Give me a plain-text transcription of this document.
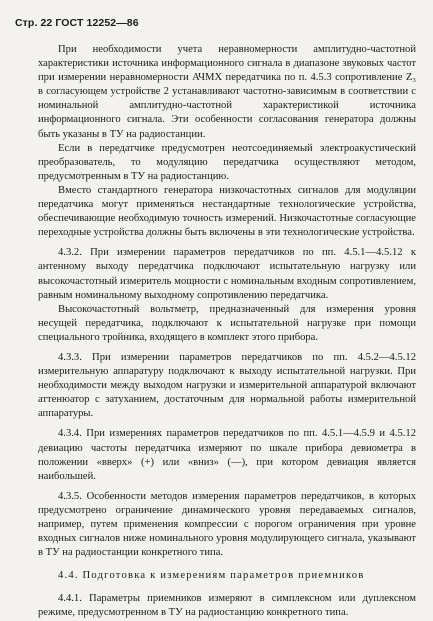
Стр. 22 ГОСТ 12252—86

При необходимости учета неравномерности амплитудно-частотной характеристики источника информационного сигнала в диапазоне звуковых частот при измерении неравномерности АЧМХ передатчика по п. 4.5.3 сопротивление Z₃ в согласующем устройстве 2 устанавливают частотно-зависимым в соответствии с номинальной амплитудно-частотной характеристикой источника информационного сигнала. Эти особенности согласования генератора должны быть указаны в ТУ на радиостанции.

Если в передатчике предусмотрен неотсоединяемый электроакустический преобразователь, то модуляцию передатчика осуществляют методом, предусмотренным в ТУ на радиостанцию.

Вместо стандартного генератора низкочастотных сигналов для модуляции передатчика могут применяться нестандартные технологические устройства, обеспечивающие необходимую точность измерений. Низкочастотные согласующие переходные устройства должны быть включены в эти технологические устройства.

4.3.2. При измерении параметров передатчиков по пп. 4.5.1—4.5.12 к антенному выходу передатчика подключают испытательную нагрузку или высокочастотный измеритель мощности с номинальным входным сопротивлением, равным номинальному выходному сопротивлению передатчика.

Высокочастотный вольтметр, предназначенный для измерения уровня несущей передатчика, подключают к испытательной нагрузке при помощи специального тройника, входящего в комплект этого прибора.

4.3.3. При измерении параметров передатчиков по пп. 4.5.2—4.5.12 измерительную аппаратуру подключают к выходу испытательной нагрузки. При необходимости между выходом нагрузки и измерительной аппаратурой включают аттенюатор с затуханием, достаточным для нормальной работы измерительной аппаратуры.

4.3.4. При измерениях параметров передатчиков по пп. 4.5.1—4.5.9 и 4.5.12 девиацию частоты передатчика измеряют по шкале прибора девиометра в положении «вверх» (+) или «вниз» (—), при котором девиация является наибольшей.

4.3.5. Особенности методов измерения параметров передатчиков, в которых предусмотрено ограничение динамического уровня передаваемых сигналов, например, путем применения компрессии с порогом ограничения при уровне входных сигналов ниже номинального уровня модулирующего сигнала, указывают в ТУ на радиостанции конкретного типа.

4.4. Подготовка к измерениям параметров приемников

4.4.1. Параметры приемников измеряют в симплексном или дуплексном режиме, предусмотренном в ТУ на радиостанцию конкретного типа.
